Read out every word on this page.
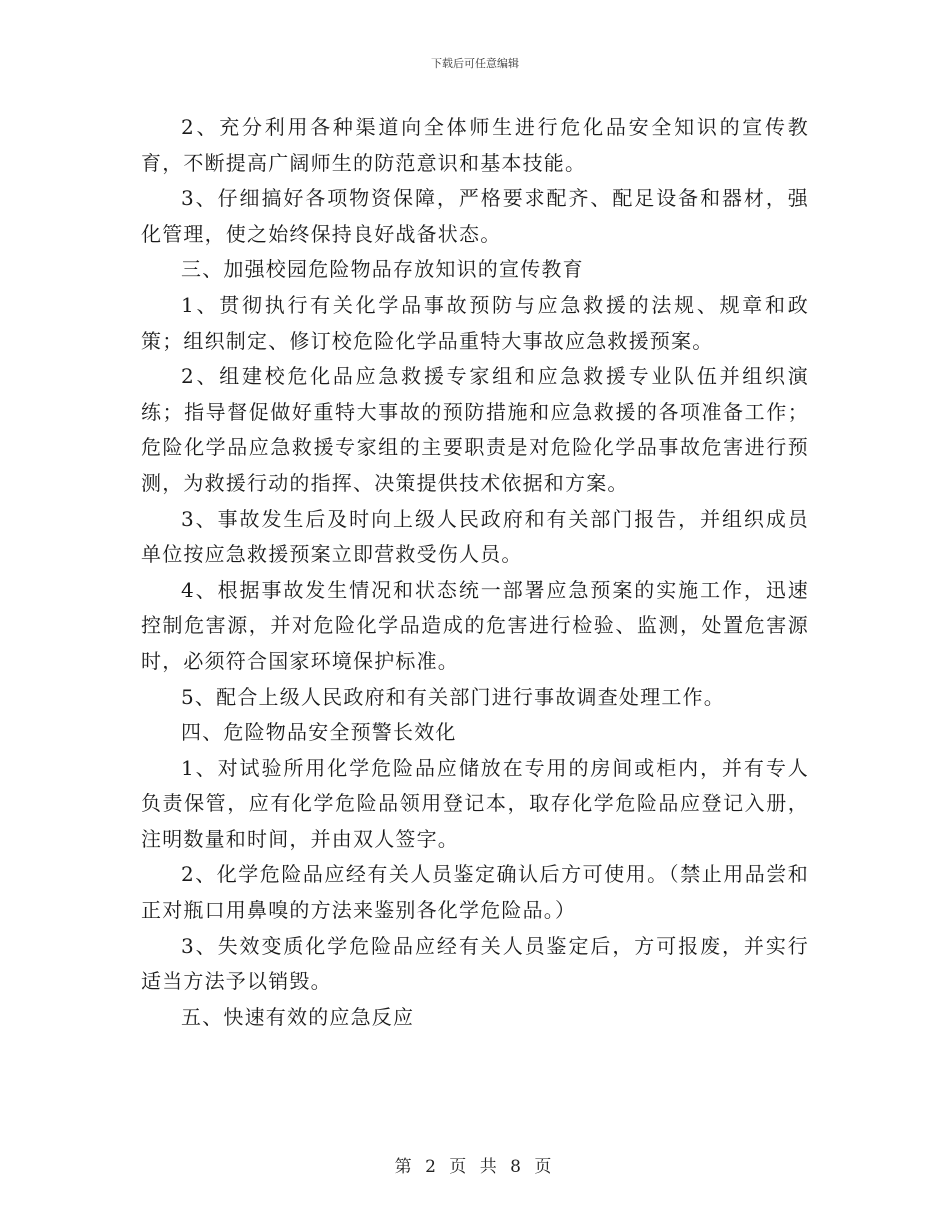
下载后可任意编辑

2、充分利用各种渠道向全体师生进行危化品安全知识的宣传教育，不断提高广阔师生的防范意识和基本技能。

3、仔细搞好各项物资保障，严格要求配齐、配足设备和器材，强化管理，使之始终保持良好战备状态。

三、加强校园危险物品存放知识的宣传教育

1、贯彻执行有关化学品事故预防与应急救援的法规、规章和政策；组织制定、修订校危险化学品重特大事故应急救援预案。

2、组建校危化品应急救援专家组和应急救援专业队伍并组织演练；指导督促做好重特大事故的预防措施和应急救援的各项准备工作；危险化学品应急救援专家组的主要职责是对危险化学品事故危害进行预测，为救援行动的指挥、决策提供技术依据和方案。

3、事故发生后及时向上级人民政府和有关部门报告，并组织成员单位按应急救援预案立即营救受伤人员。

4、根据事故发生情况和状态统一部署应急预案的实施工作，迅速控制危害源，并对危险化学品造成的危害进行检验、监测，处置危害源时，必须符合国家环境保护标准。

5、配合上级人民政府和有关部门进行事故调查处理工作。

四、危险物品安全预警长效化

1、对试验所用化学危险品应储放在专用的房间或柜内，并有专人负责保管，应有化学危险品领用登记本，取存化学危险品应登记入册，注明数量和时间，并由双人签字。

2、化学危险品应经有关人员鉴定确认后方可使用。（禁止用品尝和正对瓶口用鼻嗅的方法来鉴别各化学危险品。）

3、失效变质化学危险品应经有关人员鉴定后，方可报废，并实行适当方法予以销毁。

五、快速有效的应急反应

第 2 页 共 8 页
